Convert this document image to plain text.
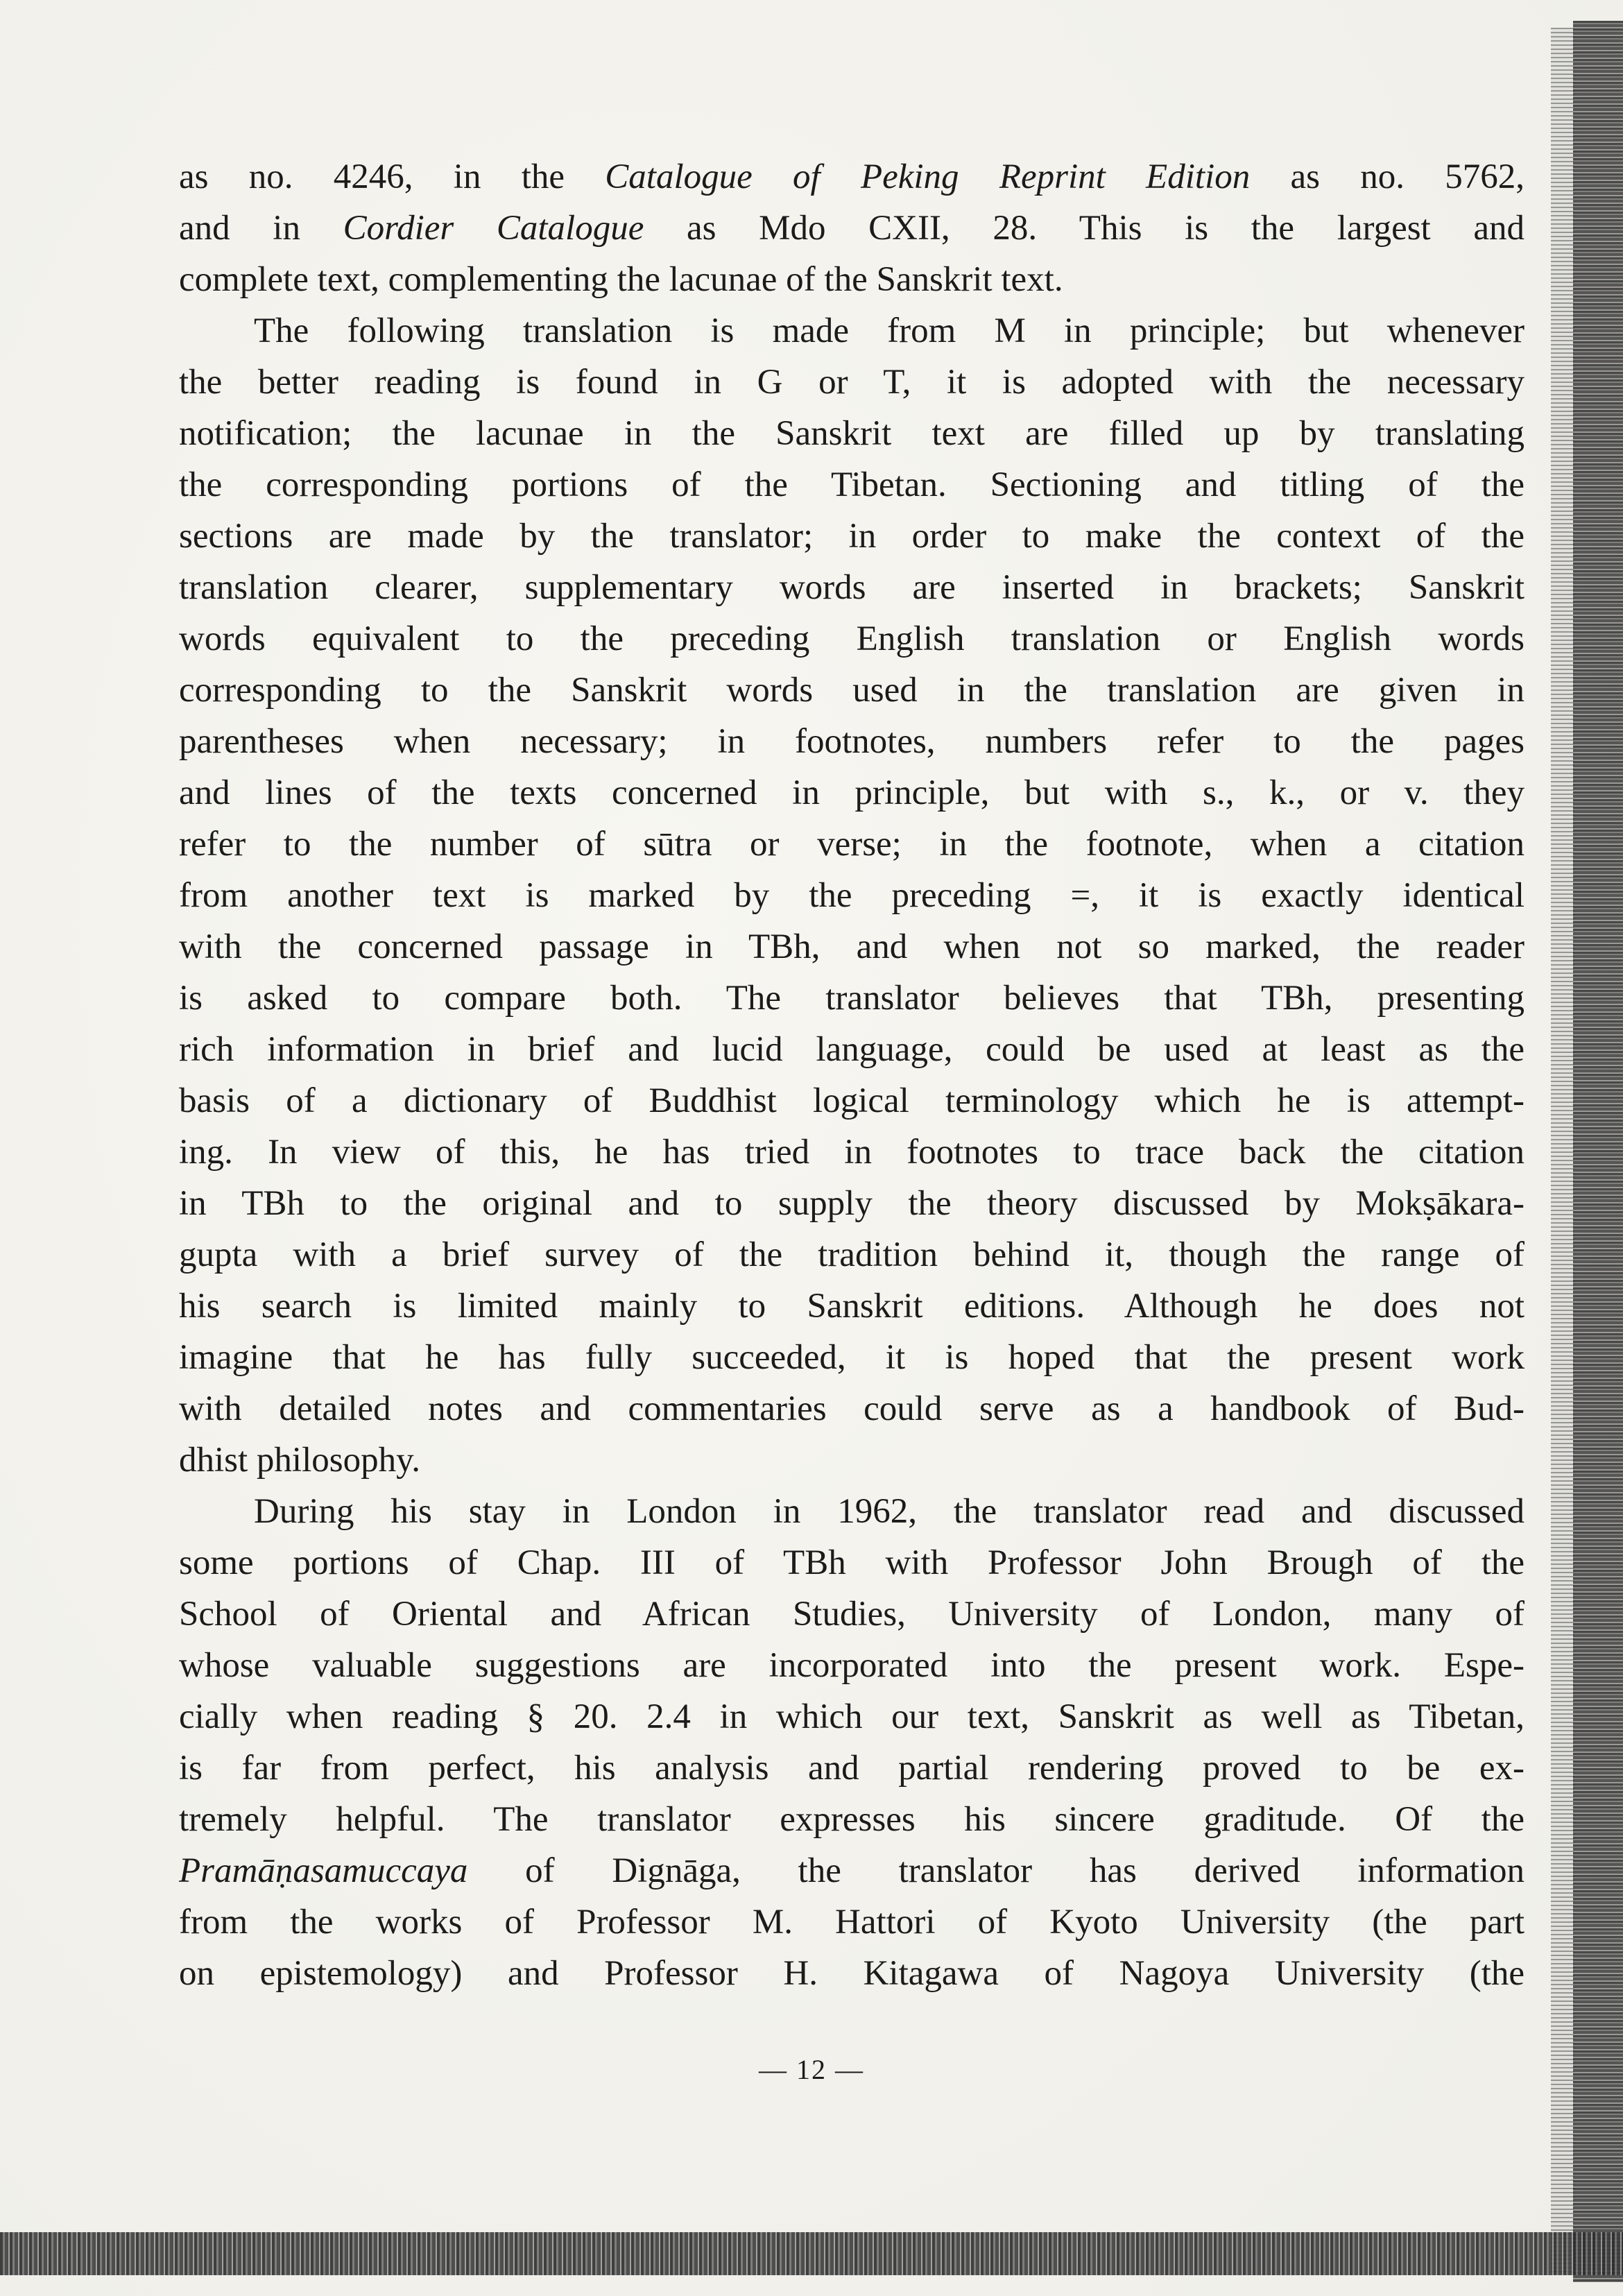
as no. 4246, in the Catalogue of Peking Reprint Edition as no. 5762,
and in Cordier Catalogue as Mdo CXII, 28. This is the largest and
complete text, complementing the lacunae of the Sanskrit text.
The following translation is made from M in principle; but whenever
the better reading is found in G or T, it is adopted with the necessary
notification; the lacunae in the Sanskrit text are filled up by translating
the corresponding portions of the Tibetan. Sectioning and titling of the
sections are made by the translator; in order to make the context of the
translation clearer, supplementary words are inserted in brackets; Sanskrit
words equivalent to the preceding English translation or English words
corresponding to the Sanskrit words used in the translation are given in
parentheses when necessary; in footnotes, numbers refer to the pages
and lines of the texts concerned in principle, but with s., k., or v. they
refer to the number of sūtra or verse; in the footnote, when a citation
from another text is marked by the preceding =, it is exactly identical
with the concerned passage in TBh, and when not so marked, the reader
is asked to compare both. The translator believes that TBh, presenting
rich information in brief and lucid language, could be used at least as the
basis of a dictionary of Buddhist logical terminology which he is attempt-
ing. In view of this, he has tried in footnotes to trace back the citation
in TBh to the original and to supply the theory discussed by Mokṣākara-
gupta with a brief survey of the tradition behind it, though the range of
his search is limited mainly to Sanskrit editions. Although he does not
imagine that he has fully succeeded, it is hoped that the present work
with detailed notes and commentaries could serve as a handbook of Bud-
dhist philosophy.
During his stay in London in 1962, the translator read and discussed
some portions of Chap. III of TBh with Professor John Brough of the
School of Oriental and African Studies, University of London, many of
whose valuable suggestions are incorporated into the present work. Espe-
cially when reading § 20. 2.4 in which our text, Sanskrit as well as Tibetan,
is far from perfect, his analysis and partial rendering proved to be ex-
tremely helpful. The translator expresses his sincere graditude. Of the
Pramāṇasamuccaya of Dignāga, the translator has derived information
from the works of Professor M. Hattori of Kyoto University (the part
on epistemology) and Professor H. Kitagawa of Nagoya University (the
— 12 —
